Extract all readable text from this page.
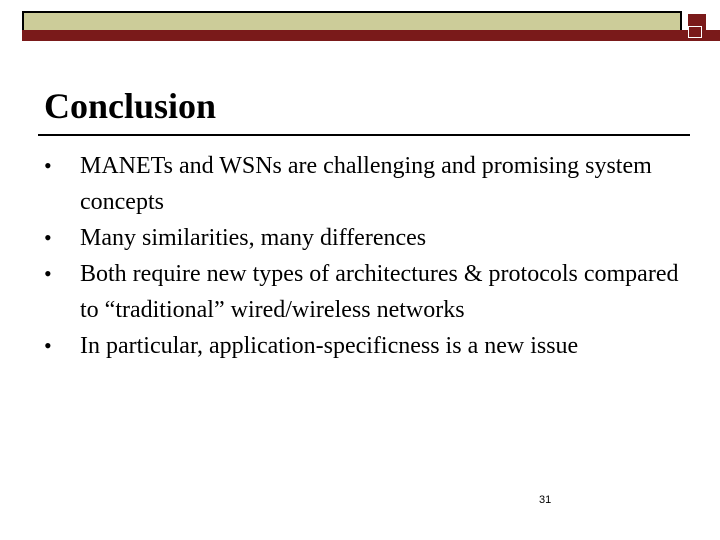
Conclusion
•	MANETs and WSNs are challenging and promising system concepts
•	Many similarities, many differences
•	Both require new types of architectures & protocols compared to “traditional” wired/wireless networks
•	In particular, application-specificness is a new issue
31
